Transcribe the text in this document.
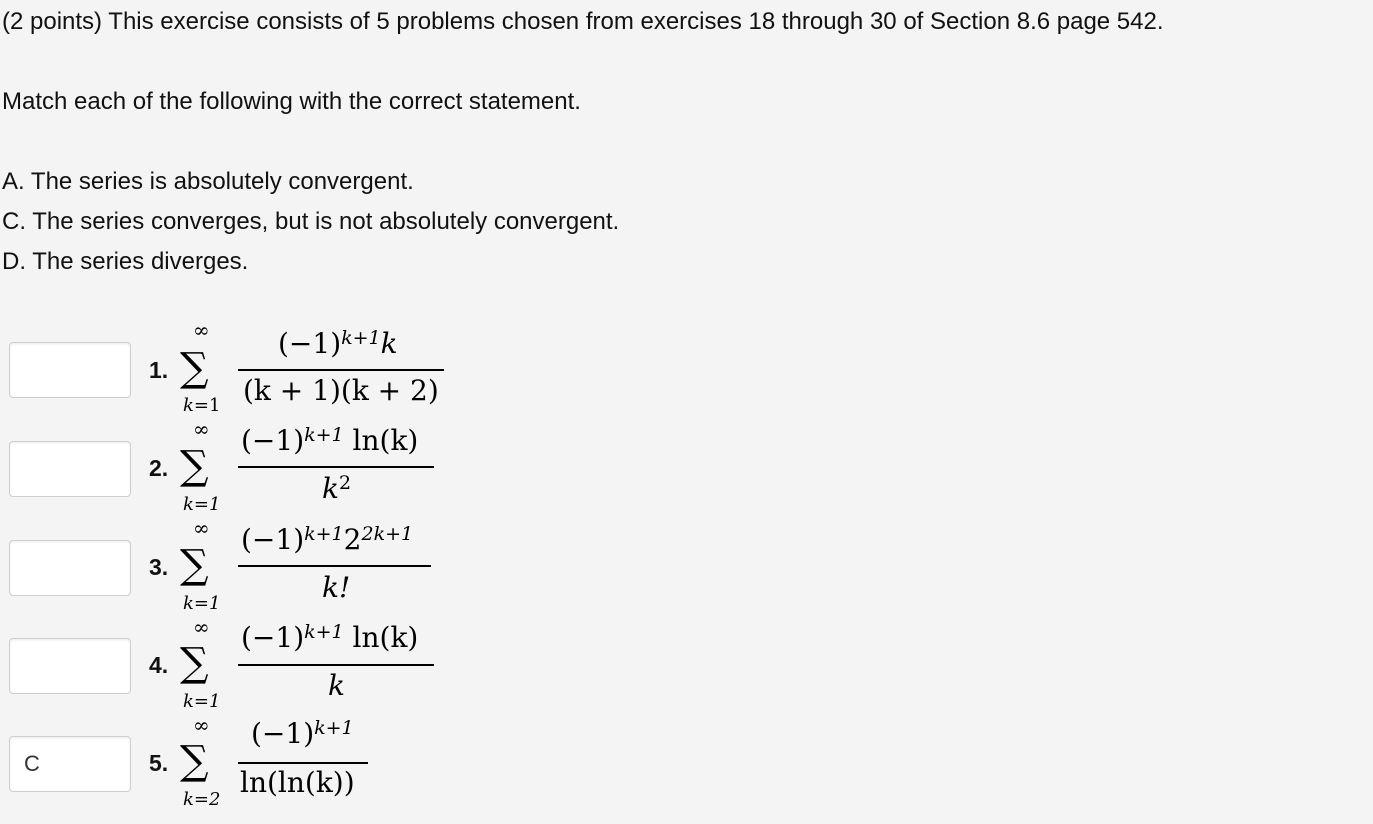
(2 points) This exercise consists of 5 problems chosen from exercises 18 through 30 of Section 8.6 page 542.
Match each of the following with the correct statement.
A. The series is absolutely convergent.
C. The series converges, but is not absolutely convergent.
D. The series diverges.
1.
∞
∑
k=1
$(-1)^{k+1}k$
(k + 1)(k + 2)
2.
∞
∑
k=1
$(-1)^{k+1}$ ln(k)
$k^2$
3.
∞
∑
k=1
$(-1)^{k+1}2^{2k+1}$
k!
4.
∞
∑
k=1
$(-1)^{k+1}$ ln(k)
k
C
5.
∞
∑
k=2
$(-1)^{k+1}$
ln(ln(k))
